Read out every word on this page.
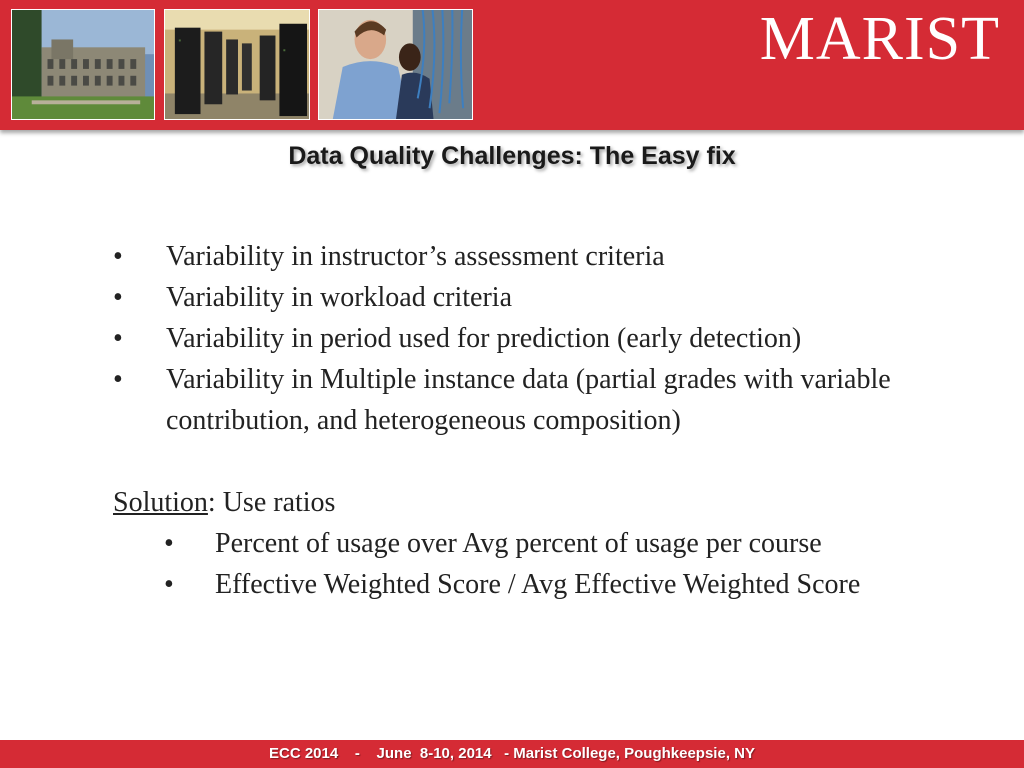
MARIST
Data Quality Challenges: The Easy fix
• Variability in instructor’s assessment criteria
• Variability in workload criteria
• Variability in period used for prediction (early detection)
• Variability in Multiple instance data (partial grades with variable contribution, and heterogeneous composition)
Solution: Use ratios
• Percent of usage over Avg percent of usage per course
• Effective Weighted Score / Avg Effective Weighted Score
ECC 2014    -    June  8-10, 2014   - Marist College, Poughkeepsie, NY
